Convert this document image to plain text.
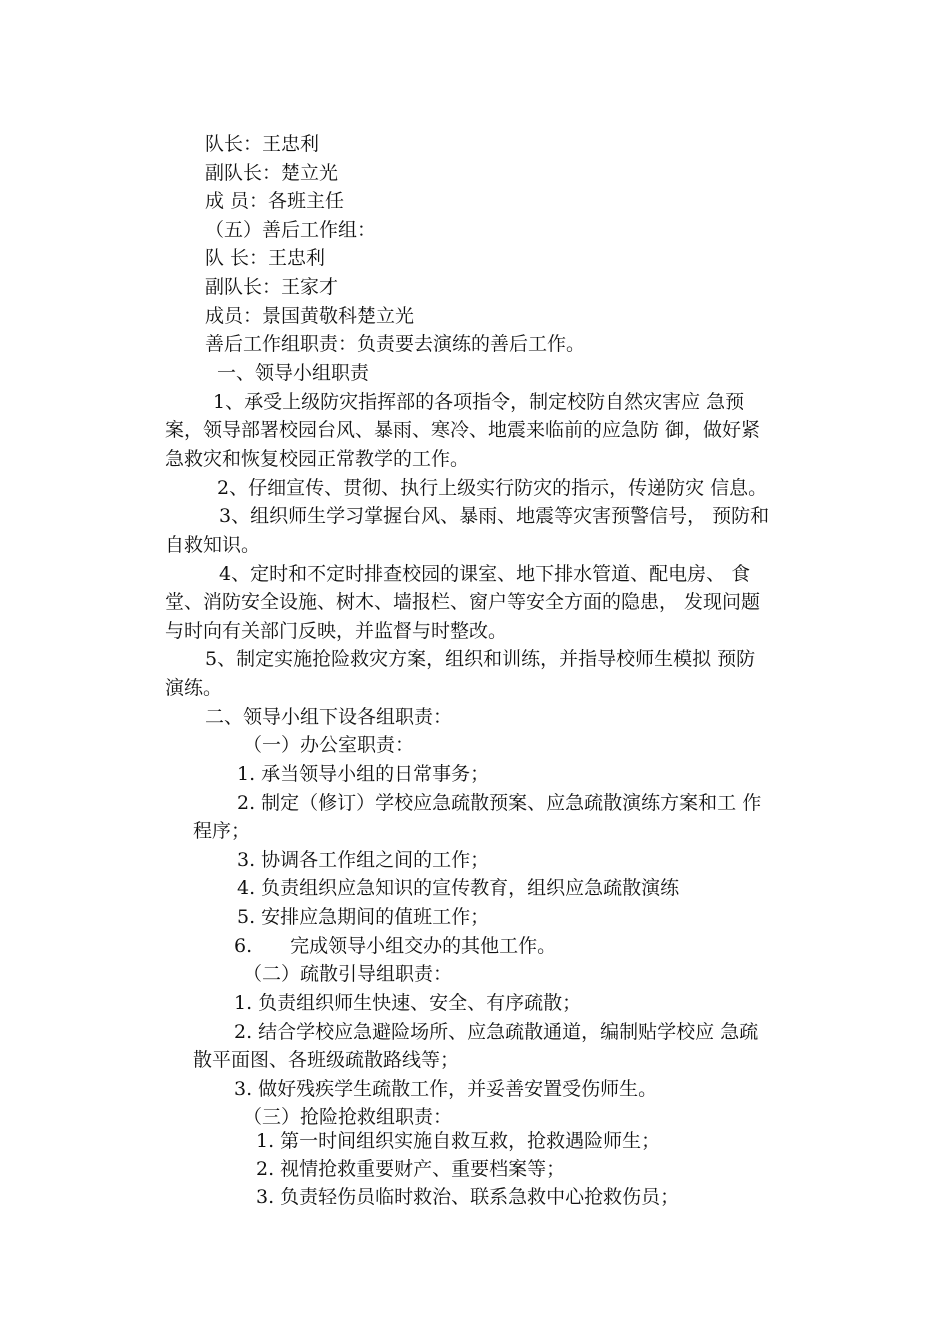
队长：王忠利

副队长：楚立光

成 员：各班主任

（五）善后工作组：

队 长：王忠利

副队长：王家才

成员：景国黄敬科楚立光

善后工作组职责：负责要去演练的善后工作。

一、领导小组职责

1、承受上级防灾指挥部的各项指令，制定校防自然灾害应 急预

案，领导部署校园台风、暴雨、寒冷、地震来临前的应急防 御，做好紧

急救灾和恢复校园正常教学的工作。

2、仔细宣传、贯彻、执行上级实行防灾的指示，传递防灾 信息。

3、组织师生学习掌握台风、暴雨、地震等灾害预警信号， 预防和

自救知识。

4、定时和不定时排查校园的课室、地下排水管道、配电房、 食

堂、消防安全设施、树木、墙报栏、窗户等安全方面的隐患， 发现问题

与时向有关部门反映，并监督与时整改。

5、制定实施抢险救灾方案，组织和训练，并指导校师生模拟 预防

演练。

二、领导小组下设各组职责：

（一）办公室职责：

1. 承当领导小组的日常事务；

2. 制定（修订）学校应急疏散预案、应急疏散演练方案和工 作

程序；

3. 协调各工作组之间的工作；

4. 负责组织应急知识的宣传教育，组织应急疏散演练

5. 安排应急期间的值班工作；

6.　　完成领导小组交办的其他工作。

（二）疏散引导组职责：

1. 负责组织师生快速、安全、有序疏散；

2. 结合学校应急避险场所、应急疏散通道，编制贴学校应 急疏

散平面图、各班级疏散路线等；

3. 做好残疾学生疏散工作，并妥善安置受伤师生。

（三）抢险抢救组职责：

1. 第一时间组织实施自救互救，抢救遇险师生；

2. 视情抢救重要财产、重要档案等；

3. 负责轻伤员临时救治、联系急救中心抢救伤员；
